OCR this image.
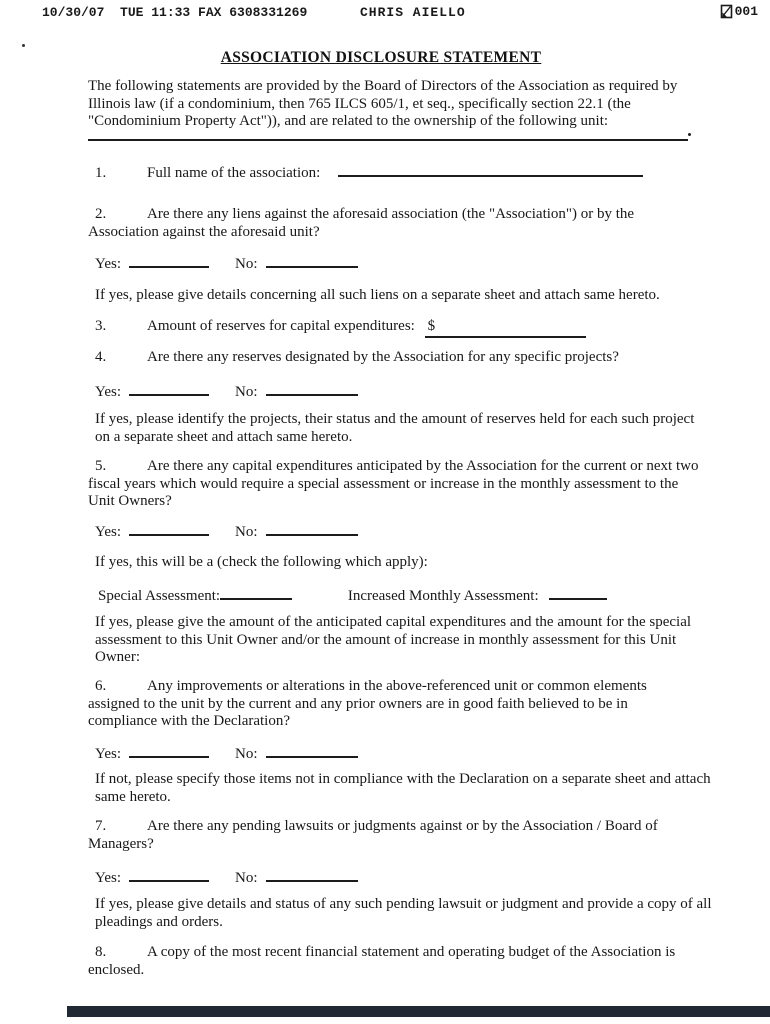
10/30/07  TUE 11:33 FAX 6308331269

	CHRIS AIELLO

	001

ASSOCIATION DISCLOSURE STATEMENT
The following statements are provided by the Board of Directors of the Association as required by Illinois law (if a condominium, then 765 ILCS 605/1, et seq., specifically section 22.1 (the "Condominium Property Act")), and are related to the ownership of the following unit:
1.	Full name of the association:
2.	Are there any liens against the aforesaid association (the "Association") or by the Association against the aforesaid unit?
Yes:	No:
If yes, please give details concerning all such liens on a separate sheet and attach same hereto.
3.	Amount of reserves for capital expenditures: $
4.	Are there any reserves designated by the Association for any specific projects?
Yes:	No:
If yes, please identify the projects, their status and the amount of reserves held for each such project on a separate sheet and attach same hereto.
5.	Are there any capital expenditures anticipated by the Association for the current or next two fiscal years which would require a special assessment or increase in the monthly assessment to the Unit Owners?
Yes:	No:
If yes, this will be a (check the following which apply):
Special Assessment:	Increased Monthly Assessment:
If yes, please give the amount of the anticipated capital expenditures and the amount for the special assessment to this Unit Owner and/or the amount of increase in monthly assessment for this Unit Owner:
6.	Any improvements or alterations in the above-referenced unit or common elements assigned to the unit by the current and any prior owners are in good faith believed to be in compliance with the Declaration?
Yes:	No:
If not, please specify those items not in compliance with the Declaration on a separate sheet and attach same hereto.
7.	Are there any pending lawsuits or judgments against or by the Association / Board of Managers?
Yes:	No:
If yes, please give details and status of any such pending lawsuit or judgment and provide a copy of all pleadings and orders.
8.	A copy of the most recent financial statement and operating budget of the Association is enclosed.
